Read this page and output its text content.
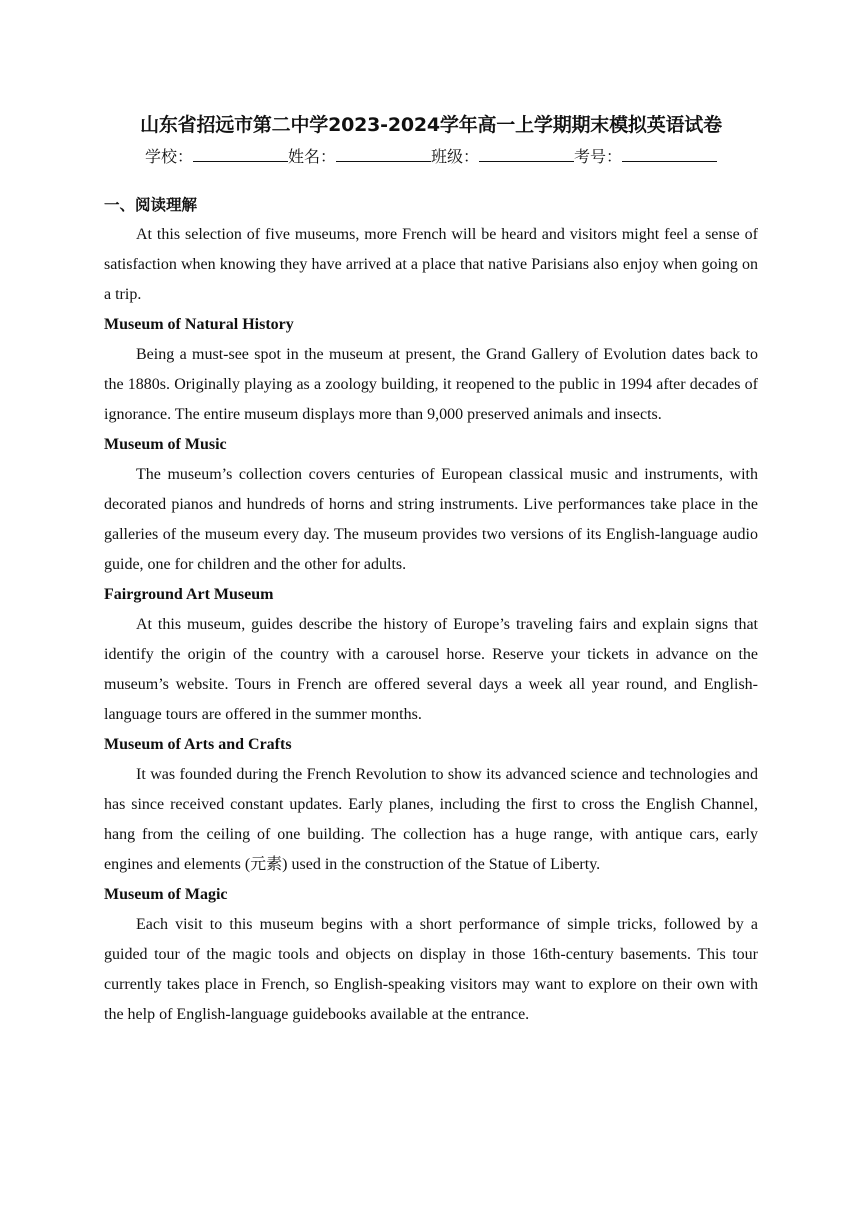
山东省招远市第二中学2023-2024学年高一上学期期末模拟英语试卷
学校：	姓名：	班级：	考号：
一、阅读理解

At this selection of five museums, more French will be heard and visitors might feel a sense of satisfaction when knowing they have arrived at a place that native Parisians also enjoy when going on a trip.

Museum of Natural History

Being a must-see spot in the museum at present, the Grand Gallery of Evolution dates back to the 1880s. Originally playing as a zoology building, it reopened to the public in 1994 after decades of ignorance. The entire museum displays more than 9,000 preserved animals and insects.

Museum of Music

The museum’s collection covers centuries of European classical music and instruments, with decorated pianos and hundreds of horns and string instruments. Live performances take place in the galleries of the museum every day. The museum provides two versions of its English-language audio guide, one for children and the other for adults.

Fairground Art Museum

At this museum, guides describe the history of Europe’s traveling fairs and explain signs that identify the origin of the country with a carousel horse. Reserve your tickets in advance on the museum’s website. Tours in French are offered several days a week all year round, and English-language tours are offered in the summer months.

Museum of Arts and Crafts

It was founded during the French Revolution to show its advanced science and technologies and has since received constant updates. Early planes, including the first to cross the English Channel, hang from the ceiling of one building. The collection has a huge range, with antique cars, early engines and elements (元素) used in the construction of the Statue of Liberty.

Museum of Magic

Each visit to this museum begins with a short performance of simple tricks, followed by a guided tour of the magic tools and objects on display in those 16th-century basements. This tour currently takes place in French, so English-speaking visitors may want to explore on their own with the help of English-language guidebooks available at the entrance.
